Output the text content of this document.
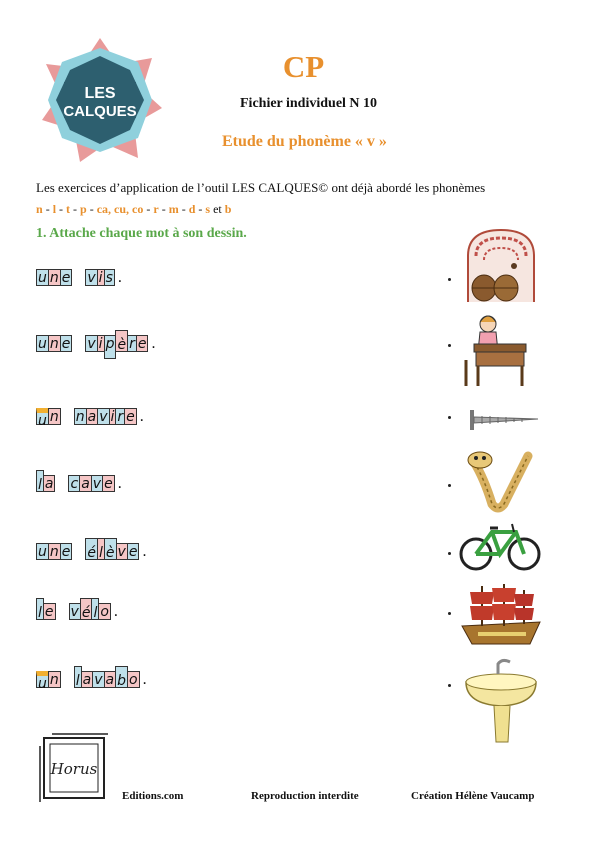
LES
CALQUES
CP
Fichier individuel N 10
Etude du phonème « v »
Les exercices d’application de l’outil LES CALQUES© ont déjà abordé les phonèmes
n - l - t - p - ca, cu, co - r - m - d - s et b
1. Attache chaque mot à son dessin.
u n e v i s .
u n e v i p è r e .
u n n a v i r e .
l a c a v e .
u n e é l è v e .
l e v é l o .
u n l a v a b o .
Horus
Editions.com	Reproduction interdite	Création Hélène Vaucamp
